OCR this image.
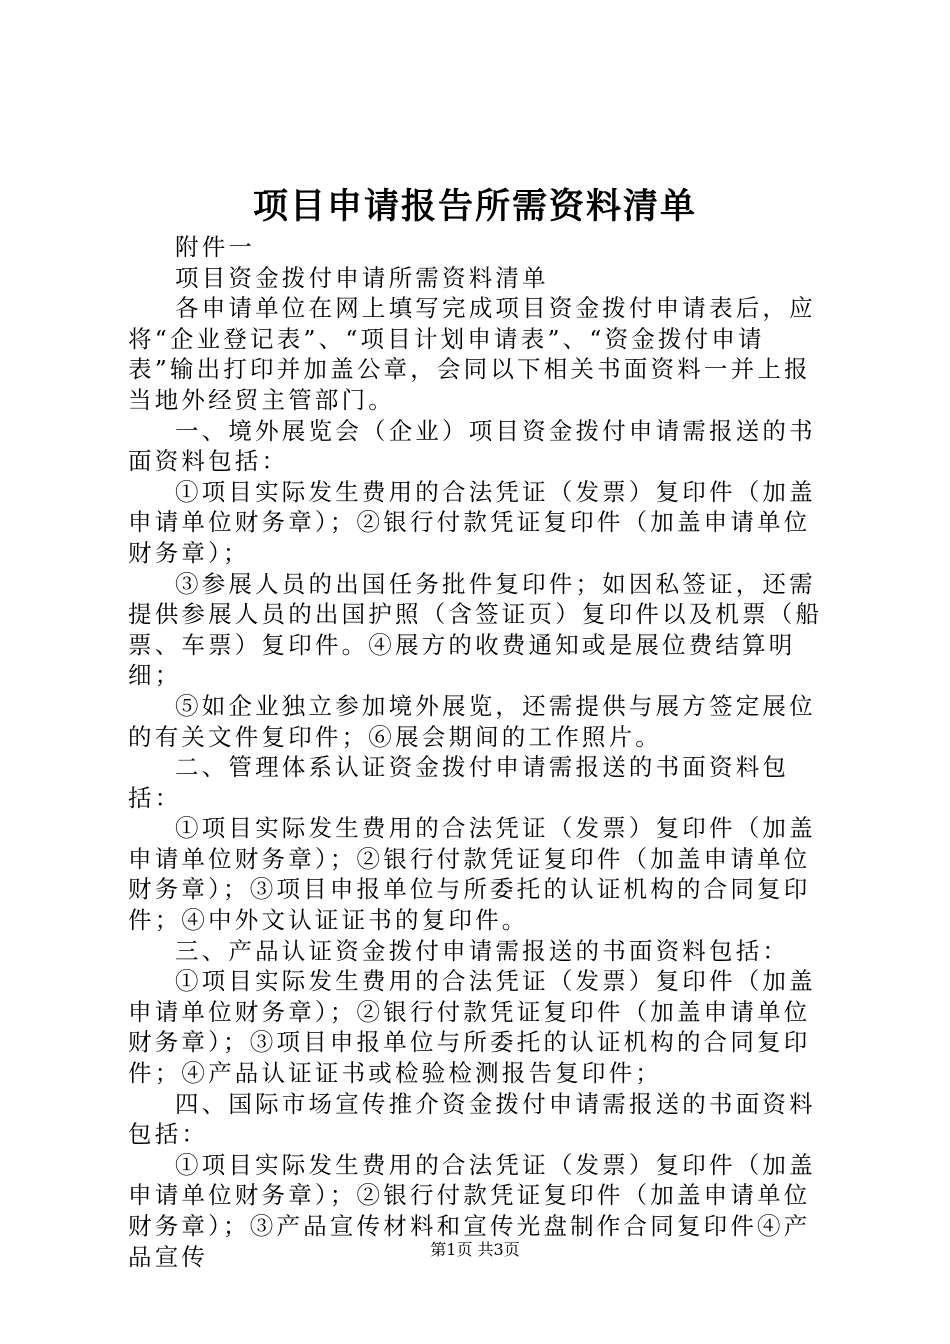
项目申请报告所需资料清单

附件一

项目资金拨付申请所需资料清单

各申请单位在网上填写完成项目资金拨付申请表后，应将“企业登记表”、“项目计划申请表”、“资金拨付申请表”输出打印并加盖公章，会同以下相关书面资料一并上报当地外经贸主管部门。

一、境外展览会（企业）项目资金拨付申请需报送的书面资料包括：

①项目实际发生费用的合法凭证（发票）复印件（加盖申请单位财务章）；②银行付款凭证复印件（加盖申请单位财务章）；

③参展人员的出国任务批件复印件；如因私签证，还需提供参展人员的出国护照（含签证页）复印件以及机票（船票、车票）复印件。④展方的收费通知或是展位费结算明细；

⑤如企业独立参加境外展览，还需提供与展方签定展位的有关文件复印件；⑥展会期间的工作照片。

二、管理体系认证资金拨付申请需报送的书面资料包括：

①项目实际发生费用的合法凭证（发票）复印件（加盖申请单位财务章）；②银行付款凭证复印件（加盖申请单位财务章）；③项目申报单位与所委托的认证机构的合同复印件；④中外文认证证书的复印件。

三、产品认证资金拨付申请需报送的书面资料包括：

①项目实际发生费用的合法凭证（发票）复印件（加盖申请单位财务章）；②银行付款凭证复印件（加盖申请单位财务章）；③项目申报单位与所委托的认证机构的合同复印件；④产品认证证书或检验检测报告复印件；

四、国际市场宣传推介资金拨付申请需报送的书面资料包括：

①项目实际发生费用的合法凭证（发票）复印件（加盖申请单位财务章）；②银行付款凭证复印件（加盖申请单位财务章）；③产品宣传材料和宣传光盘制作合同复印件④产品宣传	第1页 共3页
